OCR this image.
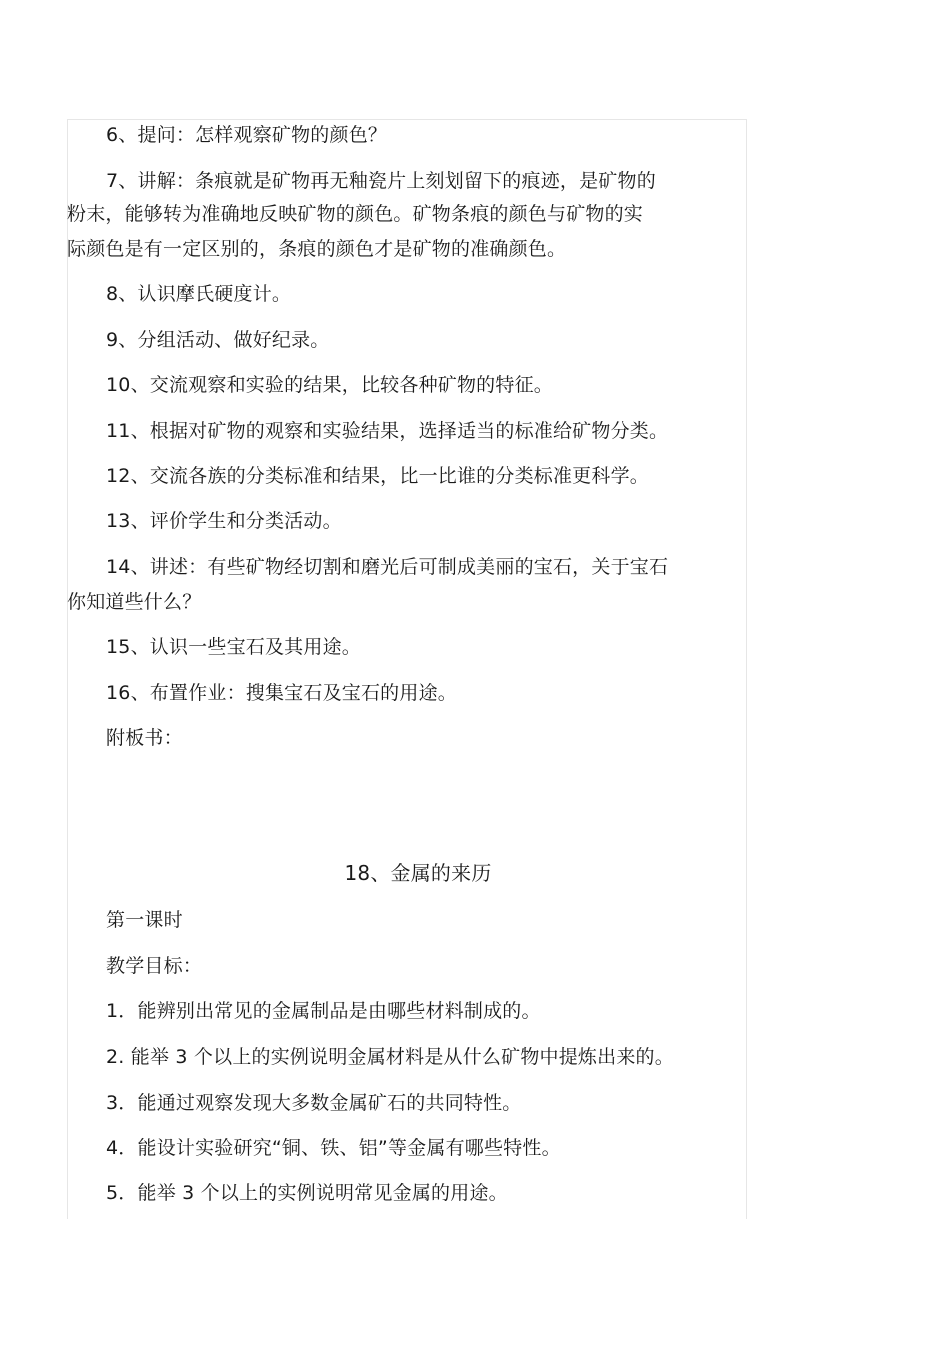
6、提问：怎样观察矿物的颜色？
7、讲解：条痕就是矿物再无釉瓷片上刻划留下的痕迹，是矿物的
粉末，能够转为准确地反映矿物的颜色。矿物条痕的颜色与矿物的实
际颜色是有一定区别的，条痕的颜色才是矿物的准确颜色。
8、认识摩氏硬度计。
9、分组活动、做好纪录。
10、交流观察和实验的结果，比较各种矿物的特征。
11、根据对矿物的观察和实验结果，选择适当的标准给矿物分类。
12、交流各族的分类标准和结果，比一比谁的分类标准更科学。
13、评价学生和分类活动。
14、讲述：有些矿物经切割和磨光后可制成美丽的宝石，关于宝石
你知道些什么？
15、认识一些宝石及其用途。
16、布置作业：搜集宝石及宝石的用途。
附板书：
18、金属的来历
第一课时
教学目标：
1．能辨别出常见的金属制品是由哪些材料制成的。
2. 能举 3 个以上的实例说明金属材料是从什么矿物中提炼出来的。
3．能通过观察发现大多数金属矿石的共同特性。
4．能设计实验研究“铜、铁、铝”等金属有哪些特性。
5．能举 3 个以上的实例说明常见金属的用途。
